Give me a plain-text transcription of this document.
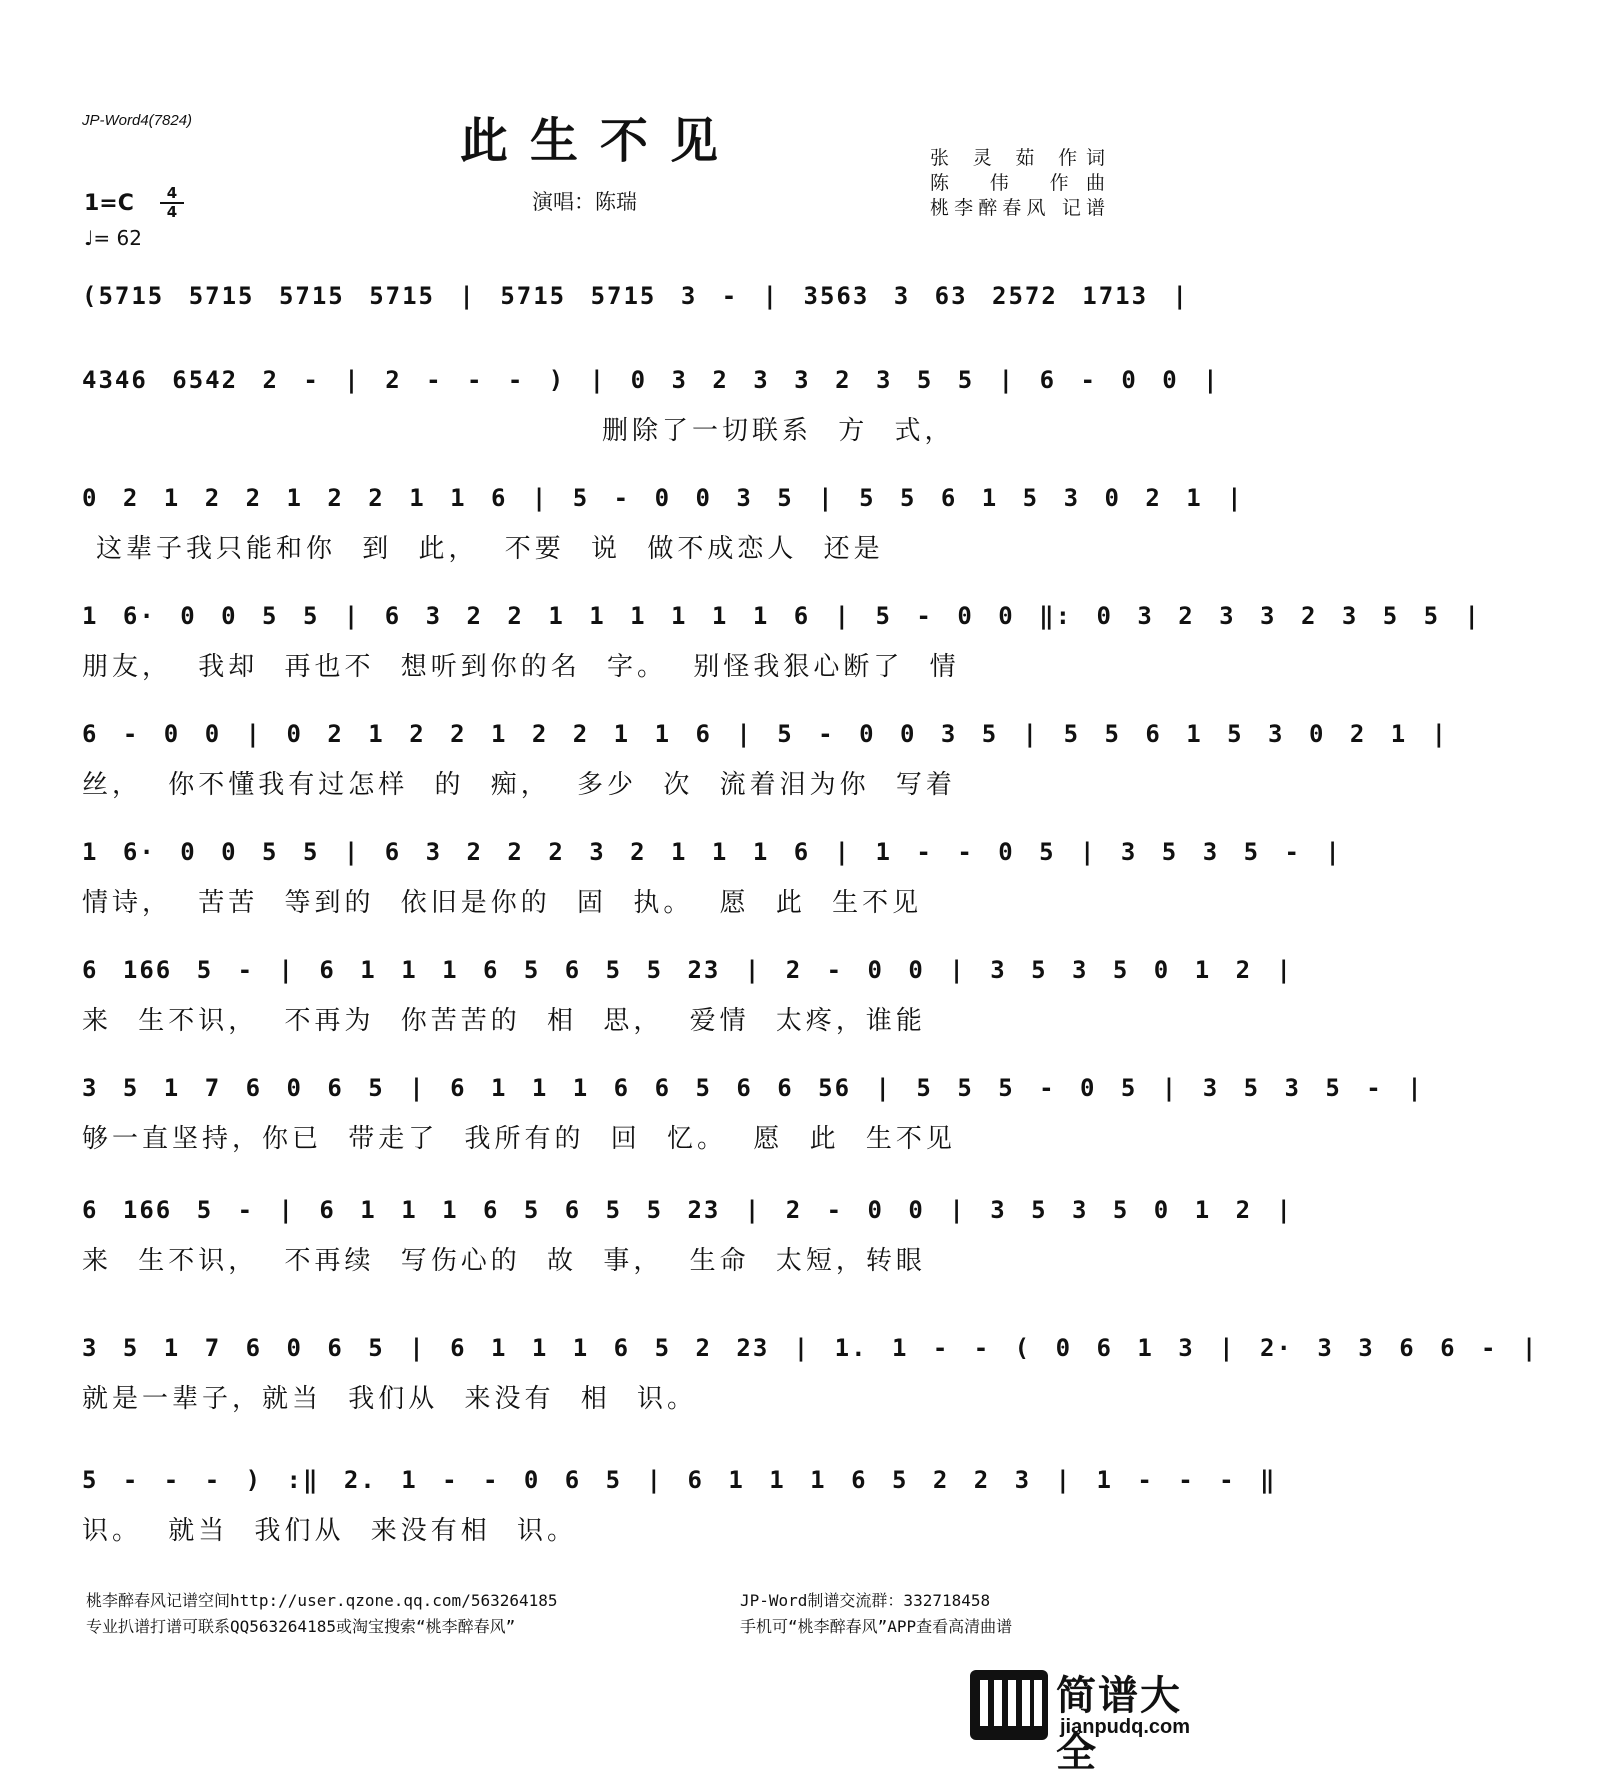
JP-Word4(7824)	此生不见
演唱：陈瑞
张 灵 茹 作词
陈 伟 作曲
桃李醉春风 记谱
1=C	4
4
♩= 62
(5715 5715 5715 5715 | 5715 5715 3 - | 3563 3 63 2572 1713 |
4346 6542 2 - | 2 - - - ) | 0 3 2 3 3 2 3 5 5 | 6 - 0 0 |
删除了一切联系 方 式，
0 2 1 2 2 1 2 2 1 1 6 | 5 - 0 0 3 5 | 5 5 6 1 5 3 0 2 1 |
这辈子我只能和你 到 此， 不要 说 做不成恋人 还是
1 6· 0 0 5 5 | 6 3 2 2 1 1 1 1 1 1 6 | 5 - 0 0 ‖: 0 3 2 3 3 2 3 5 5 |
朋友， 我却 再也不 想听到你的名 字。 别怪我狠心断了 情
6 - 0 0 | 0 2 1 2 2 1 2 2 1 1 6 | 5 - 0 0 3 5 | 5 5 6 1 5 3 0 2 1 |
丝， 你不懂我有过怎样 的 痴， 多少 次 流着泪为你 写着
1 6· 0 0 5 5 | 6 3 2 2 2 3 2 1 1 1 6 | 1 - - 0 5 | 3 5 3 5 - |
情诗， 苦苦 等到的 依旧是你的 固 执。 愿 此 生不见
6 166 5 - | 6 1 1 1 6 5 6 5 5 23 | 2 - 0 0 | 3 5 3 5 0 1 2 |
来 生不识， 不再为 你苦苦的 相 思， 爱情 太疼，谁能
3 5 1 7 6 0 6 5 | 6 1 1 1 6 6 5 6 6 56 | 5 5 5 - 0 5 | 3 5 3 5 - |
够一直坚持，你已 带走了 我所有的 回 忆。 愿 此 生不见
6 166 5 - | 6 1 1 1 6 5 6 5 5 23 | 2 - 0 0 | 3 5 3 5 0 1 2 |
来 生不识， 不再续 写伤心的 故 事， 生命 太短，转眼
3 5 1 7 6 0 6 5 | 6 1 1 1 6 5 2 23 | 1. 1 - - ( 0 6 1 3 | 2· 3 3 6 6 - |
就是一辈子，就当 我们从 来没有 相 识。
5 - - - ) :‖ 2. 1 - - 0 6 5 | 6 1 1 1 6 5 2 2 3 | 1 - - - ‖
识。 就当 我们从 来没有相 识。
桃李醉春风记谱空间http://user.qzone.qq.com/563264185
专业扒谱打谱可联系QQ563264185或淘宝搜索“桃李醉春风”
JP-Word制谱交流群：332718458
手机可“桃李醉春风”APP查看高清曲谱
简谱大全
jianpudq.com
